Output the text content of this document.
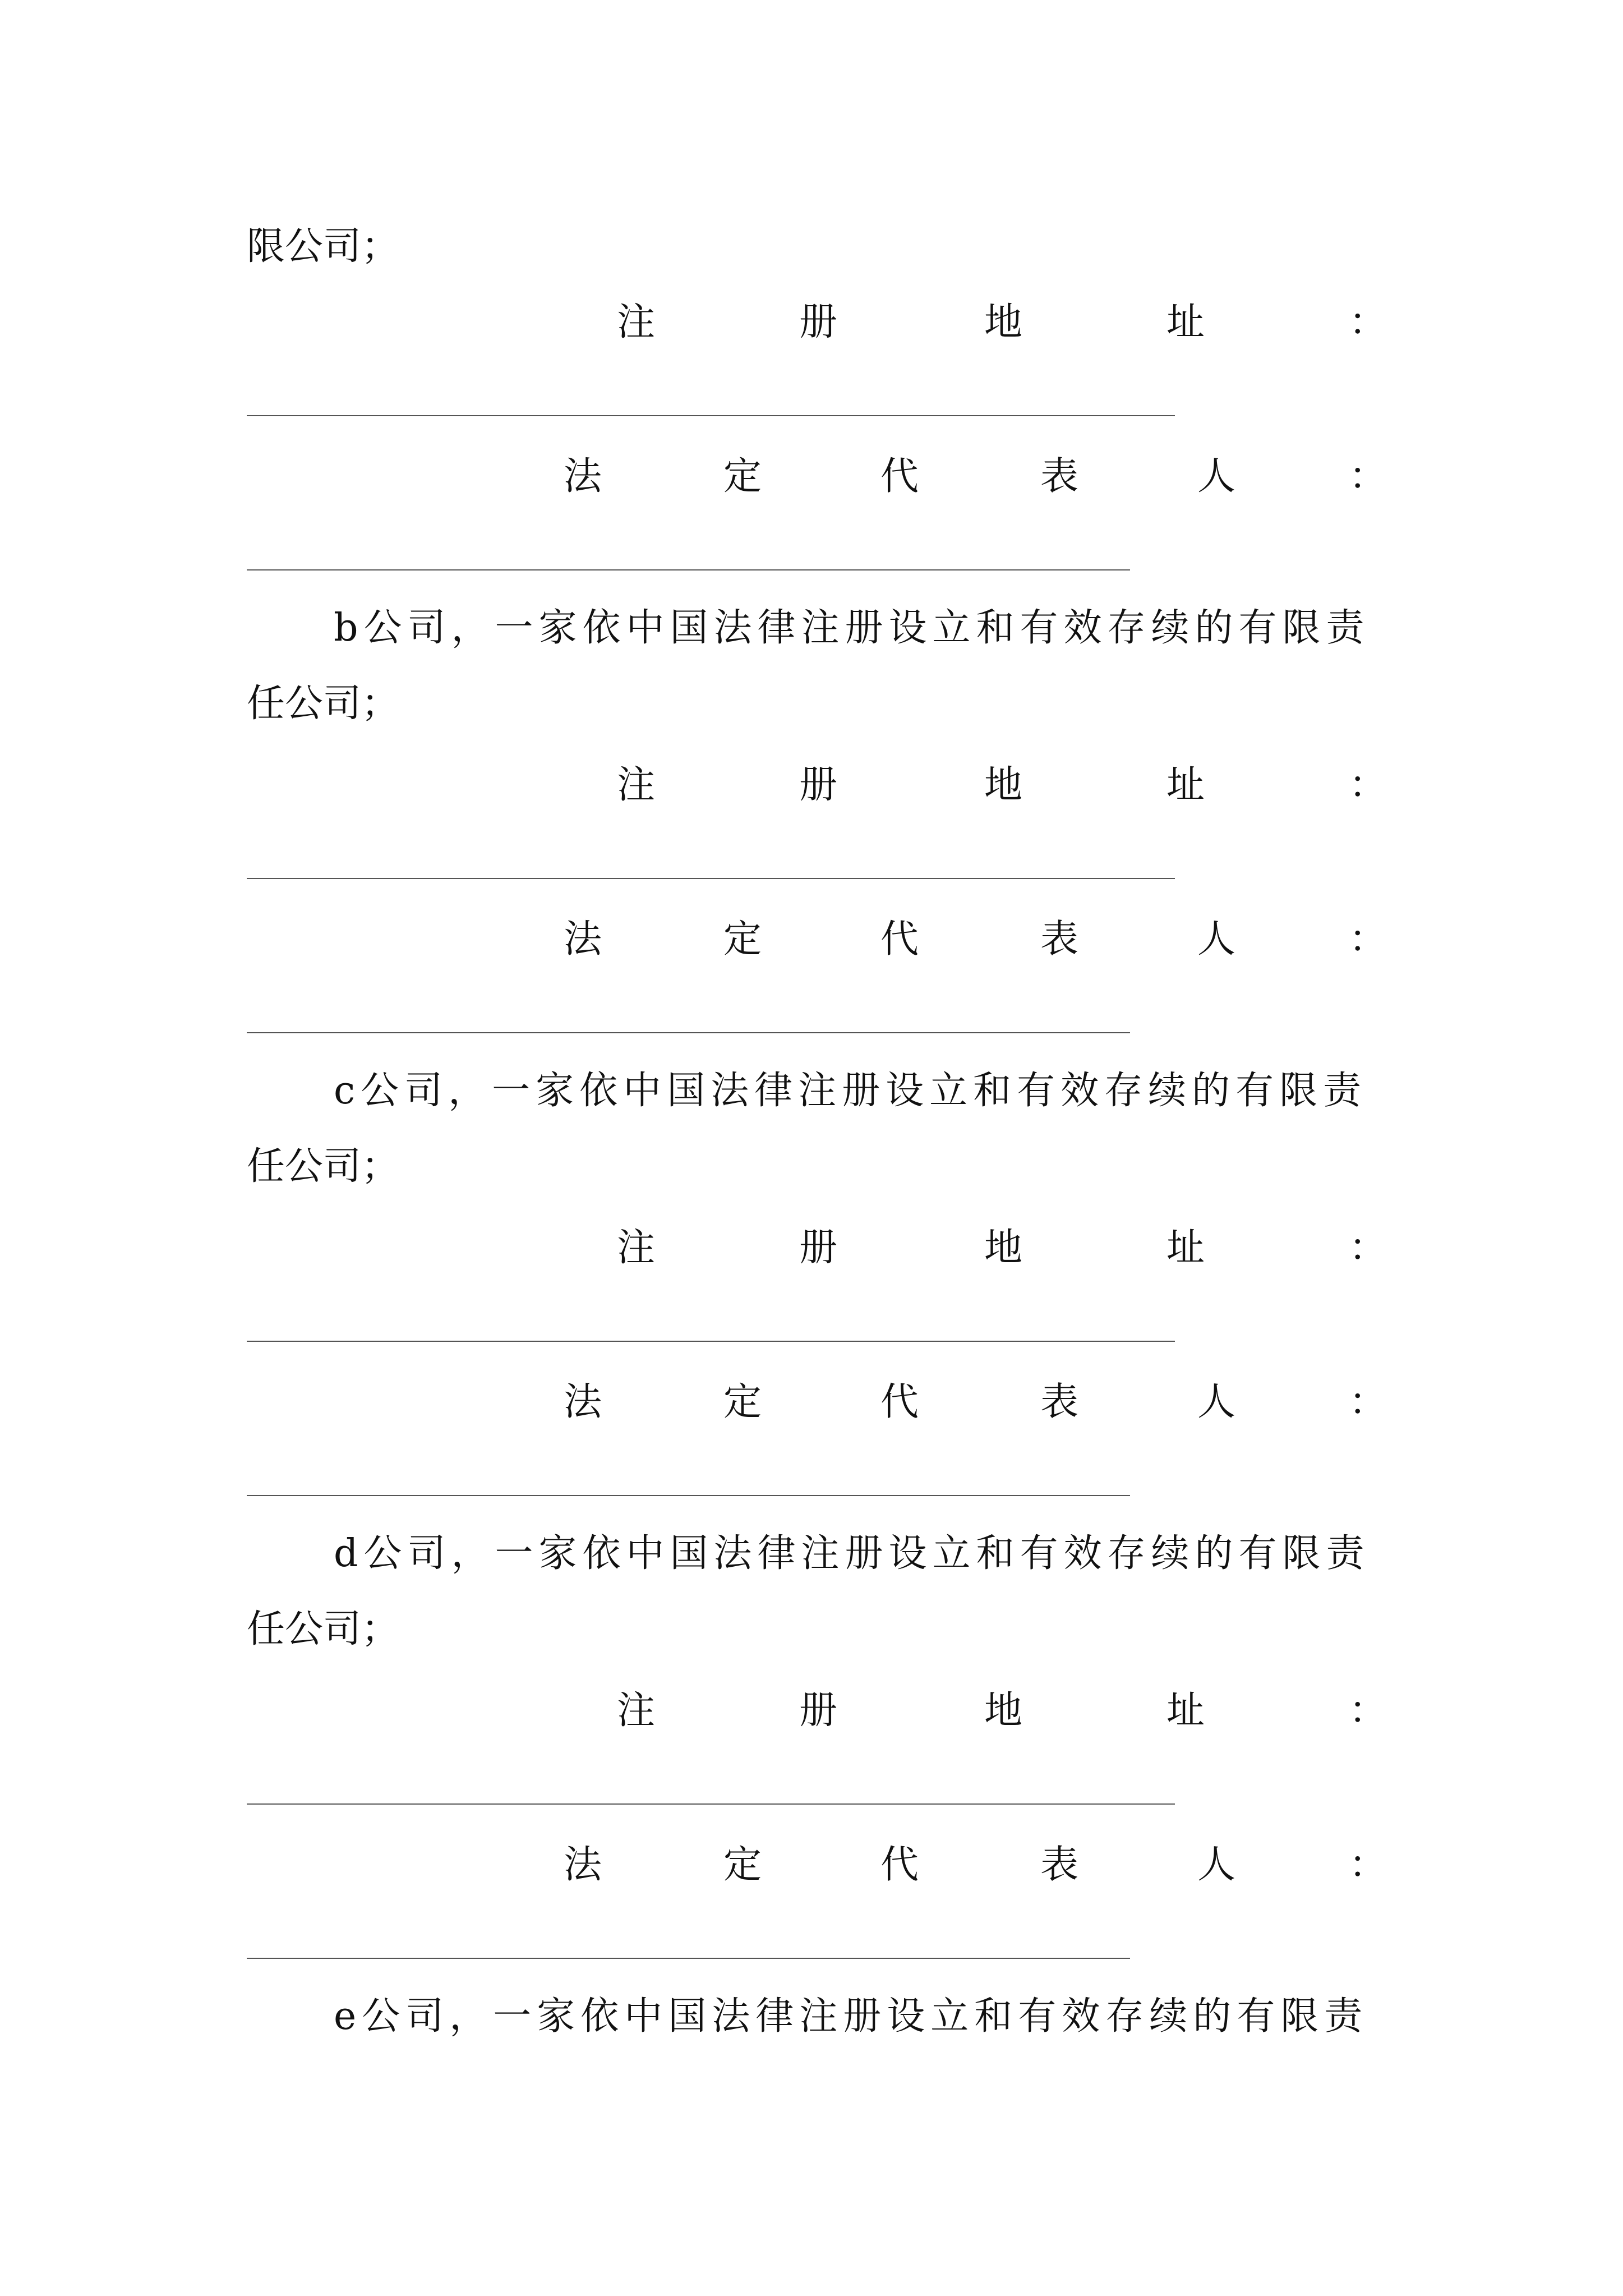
限公司；
注	册	地	址	：
法	定	代	表	人	：
b公司，一家依中国法律注册设立和有效存续的有限责
任公司；
注	册	地	址	：
法	定	代	表	人	：
c公司，一家依中国法律注册设立和有效存续的有限责
任公司；
注	册	地	址	：
法	定	代	表	人	：
d公司，一家依中国法律注册设立和有效存续的有限责
任公司；
注	册	地	址	：
法	定	代	表	人	：
e公司，一家依中国法律注册设立和有效存续的有限责
